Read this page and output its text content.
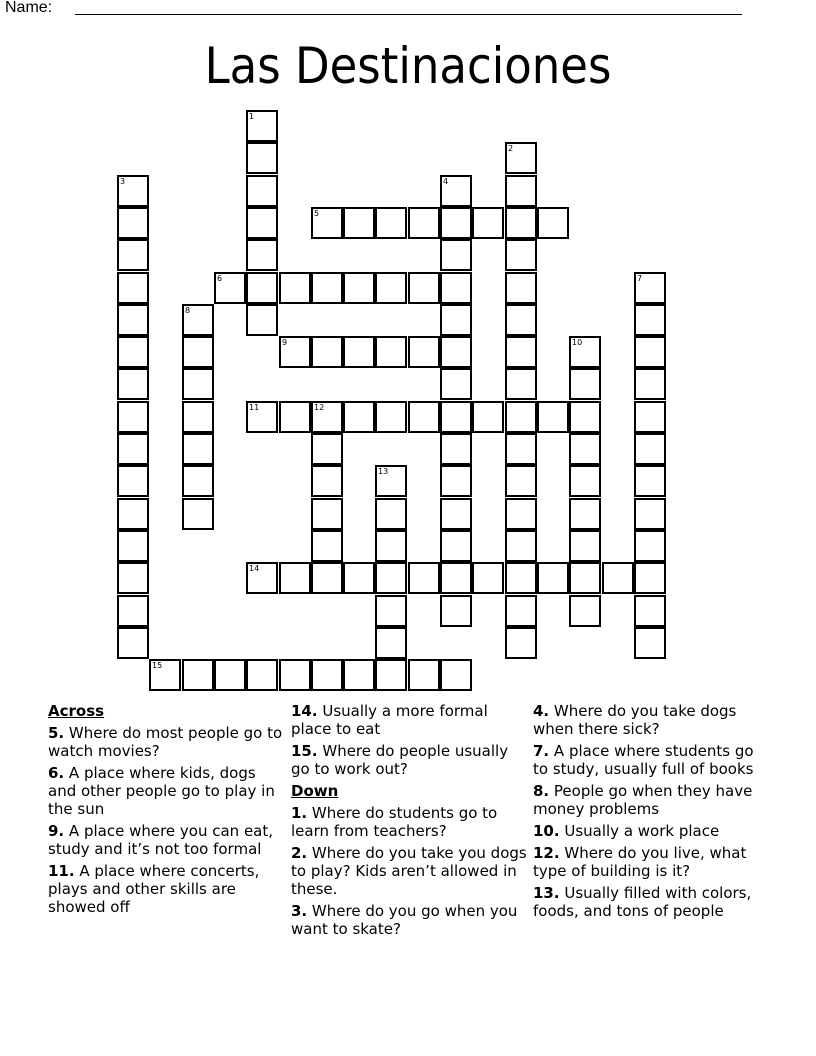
Name:
Las Destinaciones
1
2
3	4
5
6	7
8
9	10
11	12
13
14
15
Across
5. Where do most people go to watch movies?
6. A place where kids, dogs and other people go to play in the sun
9. A place where you can eat, study and it’s not too formal
11. A place where concerts, plays and other skills are showed off
14. Usually a more formal place to eat
15. Where do people usually go to work out?
Down
1. Where do students go to learn from teachers?
2. Where do you take you dogs to play? Kids aren’t allowed in these.
3. Where do you go when you want to skate?
4. Where do you take dogs when there sick?
7. A place where students go to study, usually full of books
8. People go when they have money problems
10. Usually a work place
12. Where do you live, what type of building is it?
13. Usually filled with colors, foods, and tons of people
